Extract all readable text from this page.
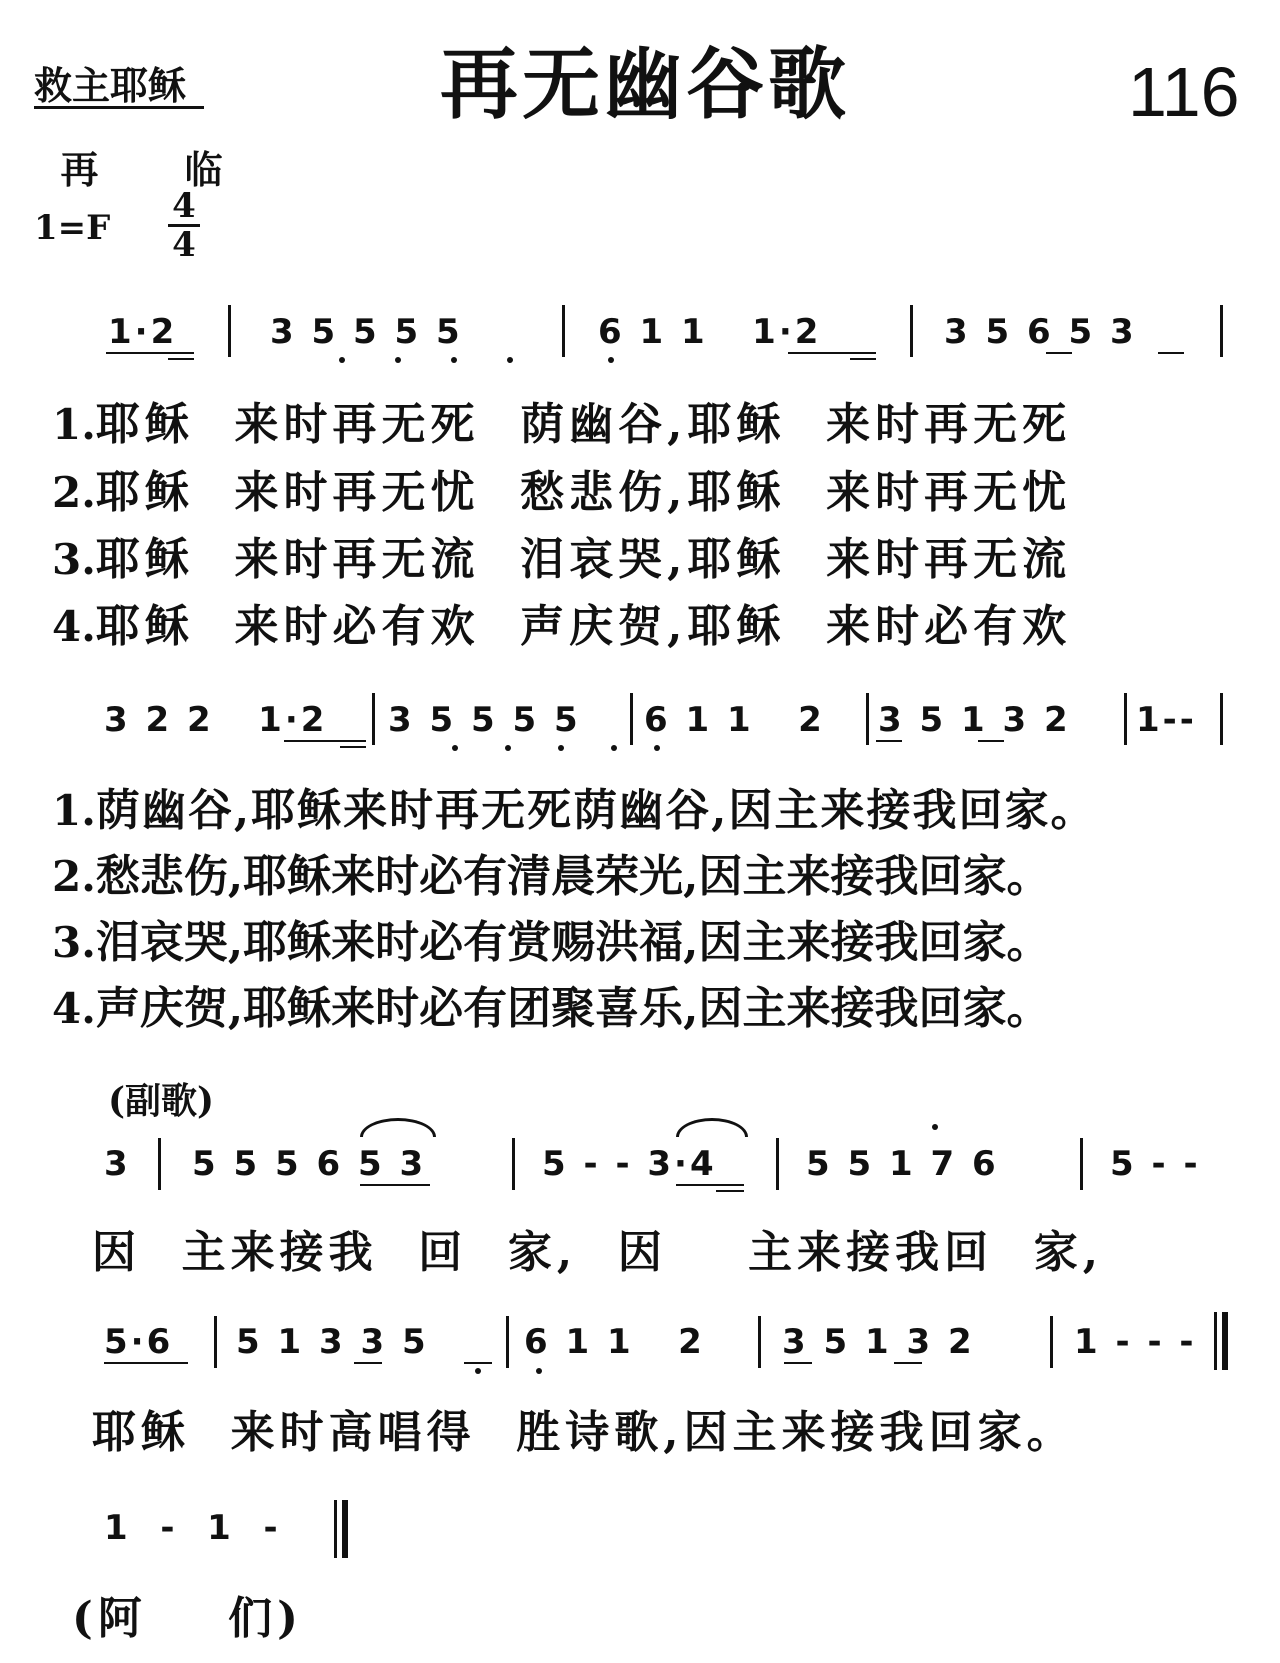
救主耶稣

再 临

再无幽谷歌	116
$1=F \frac{4}{4}$
1·2	3 5 5 5 5	6 1 1   1·2	3 5 6 5 3
1.耶稣  来时再无死  荫幽谷,耶稣  来时再无死
2.耶稣  来时再无忧  愁悲伤,耶稣  来时再无忧
3.耶稣  来时再无流  泪哀哭,耶稣  来时再无流
4.耶稣  来时必有欢  声庆贺,耶稣  来时必有欢
3 2 2   1·2 3 5 5 5 5 6 1 1   2 3 5 1 3 2 1--
1.荫幽谷,耶稣来时再无死荫幽谷,因主来接我回家。
2.愁悲伤,耶稣来时必有清晨荣光,因主来接我回家。
3.泪哀哭,耶稣来时必有赏赐洪福,因主来接我回家。
4.声庆贺,耶稣来时必有团聚喜乐,因主来接我回家。
(副歌)
3 5 5 5 6 5 3	5 - - 3·4	5 5 1 7 6	5 - -
因  主来接我  回  家,  因    主来接我回  家,
5·6 5 1 3 3 5	6 1 1   2 3 5 1 3 2	1 - - -
耶稣  来时高唱得  胜诗歌,因主来接我回家。
1  -  1  -
(阿    们)
